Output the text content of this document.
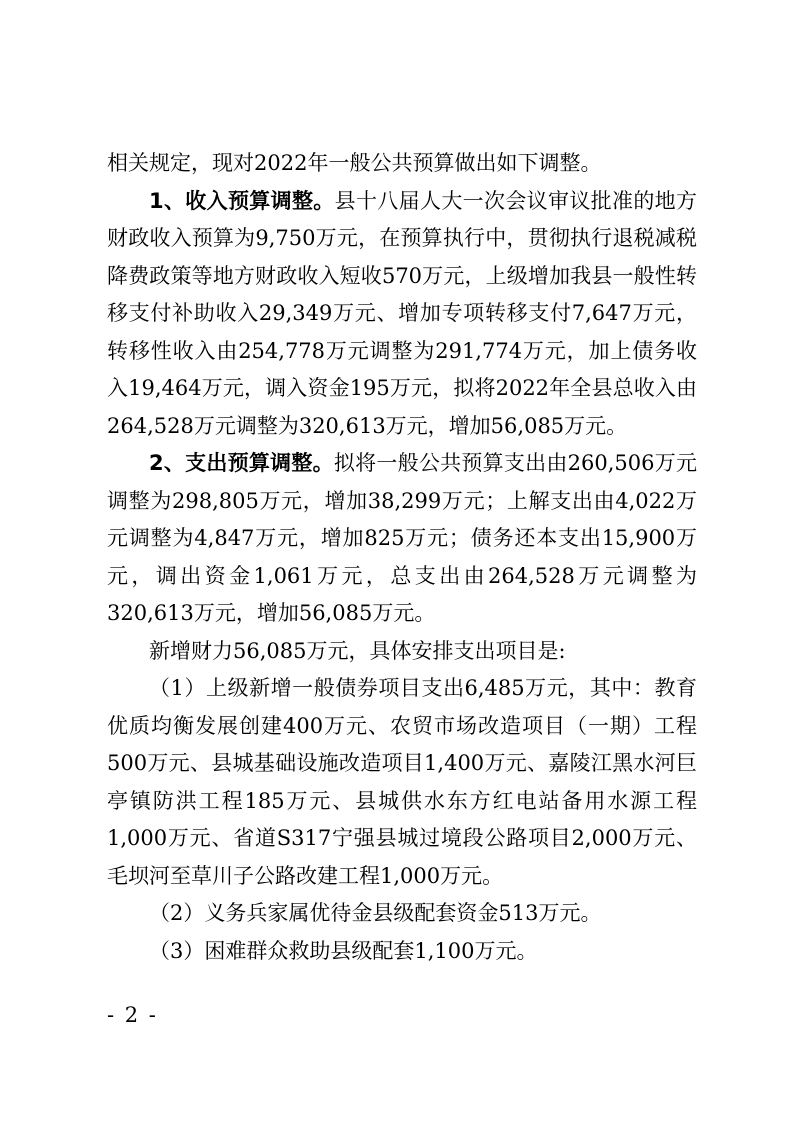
相关规定，现对2022年一般公共预算做出如下调整。

1、收入预算调整。县十八届人大一次会议审议批准的地方财政收入预算为9,750万元，在预算执行中，贯彻执行退税减税降费政策等地方财政收入短收570万元，上级增加我县一般性转移支付补助收入29,349万元、增加专项转移支付7,647万元，转移性收入由254,778万元调整为291,774万元，加上债务收入19,464万元，调入资金195万元，拟将2022年全县总收入由264,528万元调整为320,613万元，增加56,085万元。

2、支出预算调整。拟将一般公共预算支出由260,506万元调整为298,805万元，增加38,299万元；上解支出由4,022万元调整为4,847万元，增加825万元；债务还本支出15,900万元，调出资金1,061万元，总支出由264,528万元调整为320,613万元，增加56,085万元。

新增财力56,085万元，具体安排支出项目是:

（1）上级新增一般债券项目支出6,485万元，其中：教育优质均衡发展创建400万元、农贸市场改造项目（一期）工程500万元、县城基础设施改造项目1,400万元、嘉陵江黑水河巨亭镇防洪工程185万元、县城供水东方红电站备用水源工程1,000万元、省道S317宁强县城过境段公路项目2,000万元、毛坝河至草川子公路改建工程1,000万元。

（2）义务兵家属优待金县级配套资金513万元。

（3）困难群众救助县级配套1,100万元。

- 2 -
